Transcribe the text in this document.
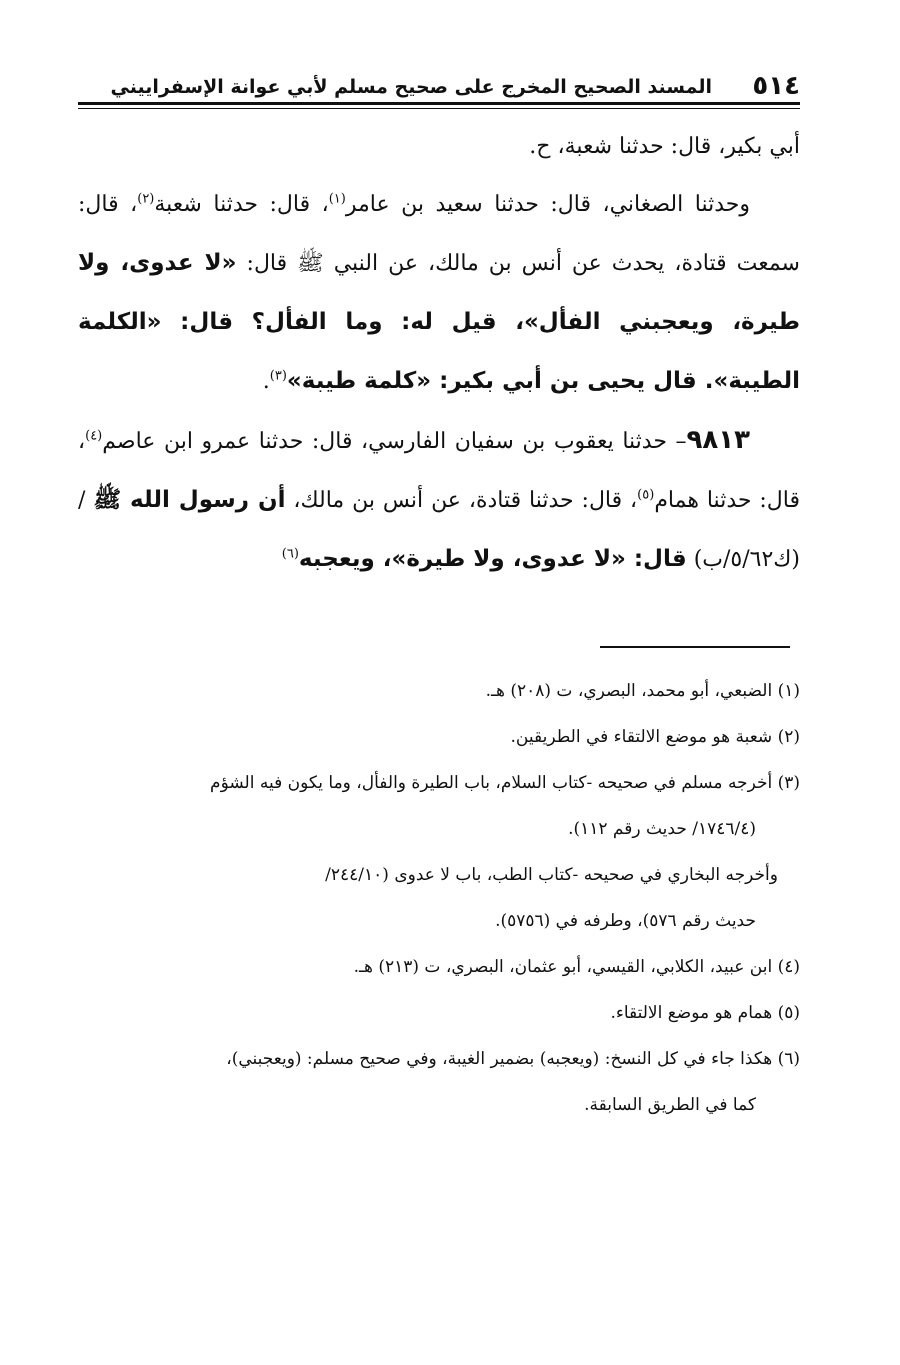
٥١٤
المسند الصحيح المخرج على صحيح مسلم لأبي عوانة الإسفراييني

أبي بكير، قال: حدثنا شعبة، ح.

وحدثنا الصغاني، قال: حدثنا سعيد بن عامر$^{(١)}$، قال: حدثنا شعبة$^{(٢)}$، قال: سمعت قتادة، يحدث عن أنس بن مالك، عن النبي ﷺ قال: «لا عدوى، ولا طيرة، ويعجبني الفأل»، قيل له: وما الفأل؟ قال: «الكلمة الطيبة». قال يحيى بن أبي بكير: «كلمة طيبة»$^{(٣)}$.

٩٨١٣– حدثنا يعقوب بن سفيان الفارسي، قال: حدثنا عمرو ابن عاصم$^{(٤)}$، قال: حدثنا همام$^{(٥)}$، قال: حدثنا قتادة، عن أنس بن مالك، أن رسول الله ﷺ / (ك٥/٦٢/ب) قال: «لا عدوى، ولا طيرة»، ويعجبه$^{(٦)}$

(١) الضبعي، أبو محمد، البصري، ت (٢٠٨) هـ.

(٢) شعبة هو موضع الالتقاء في الطريقين.

(٣) أخرجه مسلم في صحيحه -كتاب السلام، باب الطيرة والفأل، وما يكون فيه الشؤم
(١٧٤٦/٤/ حديث رقم ١١٢).

وأخرجه البخاري في صحيحه -كتاب الطب، باب لا عدوى (٢٤٤/١٠/
حديث رقم ٥٧٦)، وطرفه في (٥٧٥٦).

(٤) ابن عبيد، الكلابي، القيسي، أبو عثمان، البصري، ت (٢١٣) هـ.

(٥) همام هو موضع الالتقاء.

(٦) هكذا جاء في كل النسخ: (ويعجبه) بضمير الغيبة، وفي صحيح مسلم: (ويعجبني)،
كما في الطريق السابقة.
